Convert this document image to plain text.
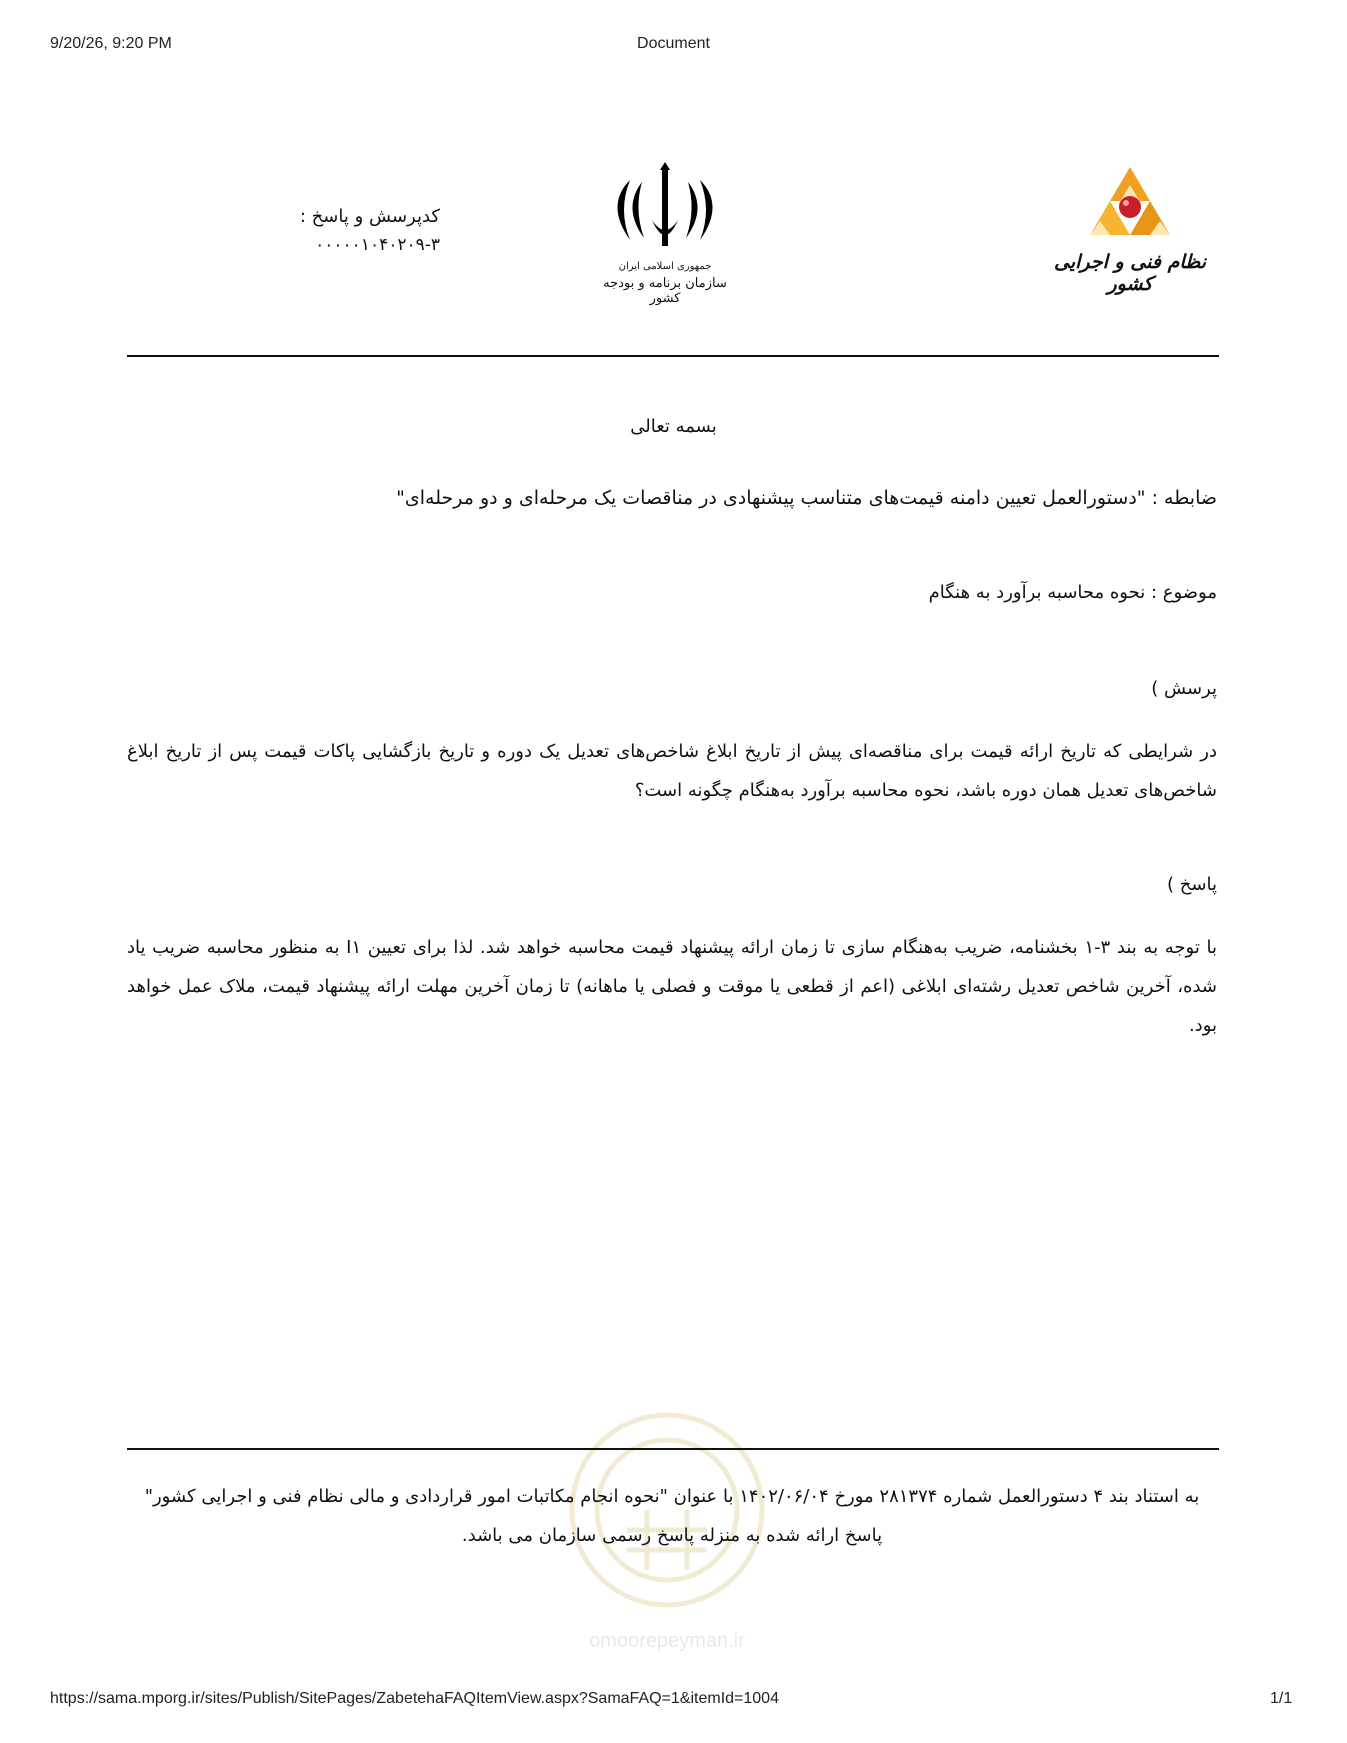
9/20/26, 9:20 PM	Document
کدپرسش و پاسخ :
۰۰۰۰۰۱۰۴۰۲۰۹-۳
جمهوری اسلامی ایران
سازمان برنامه و بودجه کشور
نظام فنی و اجرایی کشور
بسمه تعالی
ضابطه : "دستورالعمل تعیین دامنه قیمت‌های متناسب پیشنهادی در مناقصات یک مرحله‌ای و دو مرحله‌ای"
موضوع : نحوه محاسبه برآورد به هنگام
پرسش )
در شرایطی که تاریخ ارائه قیمت برای مناقصه‌ای پیش از تاریخ ابلاغ شاخص‌های تعدیل یک دوره و تاریخ بازگشایی پاکات قیمت پس از تاریخ ابلاغ شاخص‌های تعدیل همان دوره باشد، نحوه محاسبه برآورد به‌هنگام چگونه است؟
پاسخ )
با توجه به بند ۳-۱ بخشنامه، ضریب به‌هنگام سازی تا زمان ارائه پیشنهاد قیمت محاسبه خواهد شد. لذا برای تعیین I۱ به منظور محاسبه ضریب یاد شده، آخرین شاخص تعدیل رشته‌ای ابلاغی (اعم از قطعی یا موقت و فصلی یا ماهانه) تا زمان آخرین مهلت ارائه پیشنهاد قیمت، ملاک عمل خواهد بود.
omoorepeyman.ir
به استناد بند ۴ دستورالعمل شماره ۲۸۱۳۷۴ مورخ ۱۴۰۲/۰۶/۰۴ با عنوان "نحوه انجام مکاتبات امور قراردادی و مالی نظام فنی و اجرایی کشور" پاسخ ارائه شده به منزله پاسخ رسمی سازمان می باشد.
https://sama.mporg.ir/sites/Publish/SitePages/ZabetehaFAQItemView.aspx?SamaFAQ=1&itemId=1004	1/1
